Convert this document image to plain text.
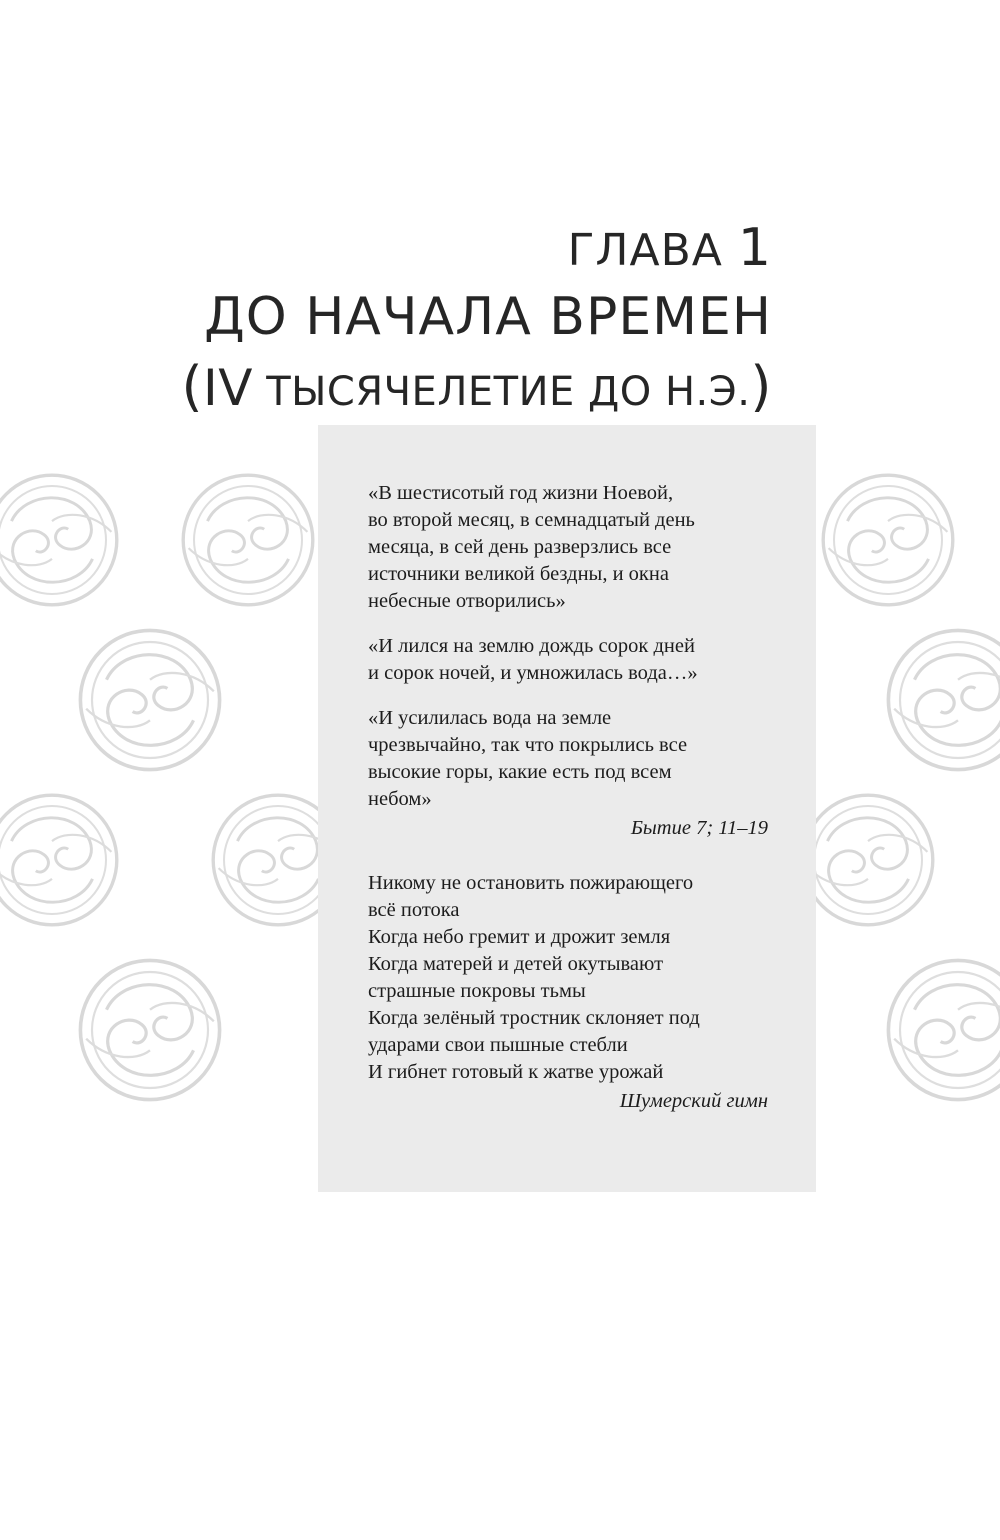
ГЛАВА 1
ДО НАЧАЛА ВРЕМЕН
(IV ТЫСЯЧЕЛЕТИЕ ДО Н.Э.)

«В шестисотый год жизни Ноевой,

во второй месяц, в семнадцатый день

месяца, в сей день разверзлись все

источники великой бездны, и окна

небесные отворились»

«И лился на землю дождь сорок дней

и сорок ночей, и умножилась вода…»

«И усилилась вода на земле

чрезвычайно, так что покрылись все

высокие горы, какие есть под всем

небом»

Бытие 7; 11–19

Никому не остановить пожирающего

всё потока

Когда небо гремит и дрожит земля

Когда матерей и детей окутывают

страшные покровы тьмы

Когда зелёный тростник склоняет под

ударами свои пышные стебли

И гибнет готовый к жатве урожай

Шумерский гимн
